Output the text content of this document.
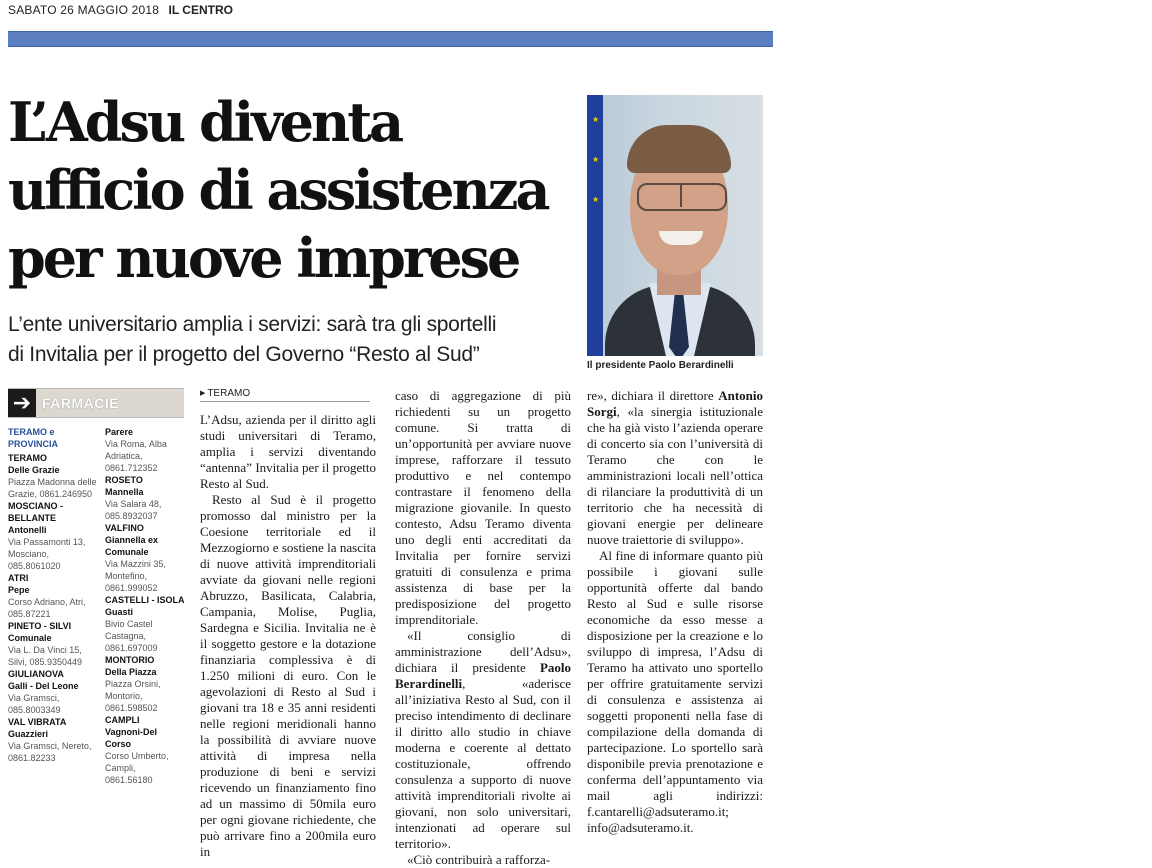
SABATO 26 MAGGIO 2018 IL CENTRO
L’Adsu diventa
ufficio di assistenza
per nuove imprese

L’ente universitario amplia i servizi: sarà tra gli sportelli
di Invitalia per il progetto del Governo “Resto al Sud”

★
★
★
Il presidente Paolo Berardinelli
➔ FARMACIE
TERAMO e PROVINCIA
TERAMO
Delle Grazie
Piazza Madonna delle Grazie, 0861.246950
MOSCIANO - BELLANTE
Antonelli
Via Passamonti 13, Mosciano, 085.8061020
ATRI
Pepe
Corso Adriano, Atri, 085.87221
PINETO - SILVI
Comunale
Via L. Da Vinci 15, Silvi, 085.9350449
GIULIANOVA
Galli - Del Leone
Via Gramsci, 085.8003349
VAL VIBRATA
Guazzieri
Via Gramsci, Nereto, 0861.82233
Parere
Via Roma, Alba Adriatica, 0861.712352
ROSETO
Mannella
Via Salara 48, 085.8932037
VALFINO
Giannella ex Comunale
Via Mazzini 35, Montefino, 0861.999052
CASTELLI - ISOLA
Guasti
Bivio Castel Castagna, 0861.697009
MONTORIO
Della Piazza
Piazza Orsini, Montorio, 0861.598502
CAMPLI
Vagnoni-Del Corso
Corso Umberto, Campli, 0861.56180
▶ TERAMO

L’Adsu, azienda per il diritto agli studi universitari di Teramo, amplia i servizi diventando “antenna” Invitalia per il progetto Resto al Sud.

Resto al Sud è il progetto promosso dal ministro per la Coesione territoriale ed il Mezzogiorno e sostiene la nascita di nuove attività imprenditoriali avviate da giovani nelle regioni Abruzzo, Basilicata, Calabria, Campania, Molise, Puglia, Sardegna e Sicilia. Invitalia ne è il soggetto gestore e la dotazione finanziaria complessiva è di 1.250 milioni di euro. Con le agevolazioni di Resto al Sud i giovani tra 18 e 35 anni residenti nelle regioni meridionali hanno la possibilità di avviare nuove attività di impresa nella produzione di beni e servizi ricevendo un finanziamento fino ad un massimo di 50mila euro per ogni giovane richiedente, che può arrivare fino a 200mila euro in

caso di aggregazione di più richiedenti su un progetto comune. Si tratta di un’opportunità per avviare nuove imprese, rafforzare il tessuto produttivo e nel contempo contrastare il fenomeno della migrazione giovanile. In questo contesto, Adsu Teramo diventa uno degli enti accreditati da Invitalia per fornire servizi gratuiti di consulenza e prima assistenza di base per la predisposizione del progetto imprenditoriale.

«Il consiglio di amministrazione dell’Adsu», dichiara il presidente Paolo Berardinelli, «aderisce all’iniziativa Resto al Sud, con il preciso intendimento di declinare il diritto allo studio in chiave moderna e coerente al dettato costituzionale, offrendo consulenza a supporto di nuove attività imprenditoriali rivolte ai giovani, non solo universitari, intenzionati ad operare sul territorio».

«Ciò contribuirà a rafforza-

re», dichiara il direttore Antonio Sorgi, «la sinergia istituzionale che ha già visto l’azienda operare di concerto sia con l’università di Teramo che con le amministrazioni locali nell’ottica di rilanciare la produttività di un territorio che ha necessità di giovani energie per delineare nuove traiettorie di sviluppo».

Al fine di informare quanto più possibile i giovani sulle opportunità offerte dal bando Resto al Sud e sulle risorse economiche da esso messe a disposizione per la creazione e lo sviluppo di impresa, l’Adsu di Teramo ha attivato uno sportello per offrire gratuitamente servizi di consulenza e assistenza ai soggetti proponenti nella fase di compilazione della domanda di partecipazione. Lo sportello sarà disponibile previa prenotazione e conferma dell’appuntamento via mail agli indirizzi: f.cantarelli@adsuteramo.it; info@adsuteramo.it.
